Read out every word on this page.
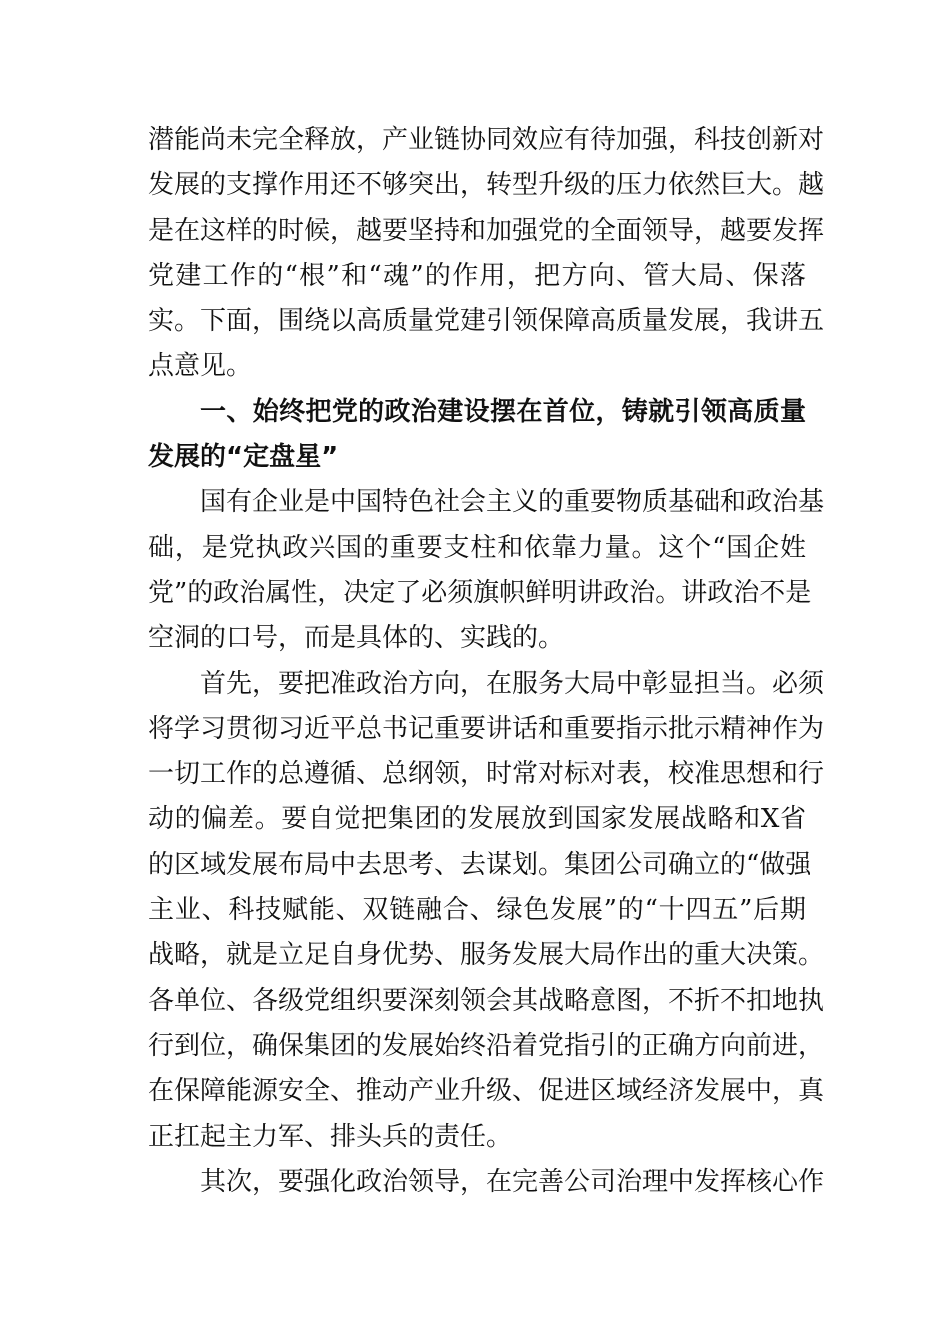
潜能尚未完全释放，产业链协同效应有待加强，科技创新对
发展的支撑作用还不够突出，转型升级的压力依然巨大。越
是在这样的时候，越要坚持和加强党的全面领导，越要发挥
党建工作的“根”和“魂”的作用，把方向、管大局、保落
实。下面，围绕以高质量党建引领保障高质量发展，我讲五
点意见。
一、始终把党的政治建设摆在首位，铸就引领高质量
发展的“定盘星”
国有企业是中国特色社会主义的重要物质基础和政治基
础，是党执政兴国的重要支柱和依靠力量。这个“国企姓
党”的政治属性，决定了必须旗帜鲜明讲政治。讲政治不是
空洞的口号，而是具体的、实践的。
首先，要把准政治方向，在服务大局中彰显担当。必须
将学习贯彻习近平总书记重要讲话和重要指示批示精神作为
一切工作的总遵循、总纲领，时常对标对表，校准思想和行
动的偏差。要自觉把集团的发展放到国家发展战略和X省
的区域发展布局中去思考、去谋划。集团公司确立的“做强
主业、科技赋能、双链融合、绿色发展”的“十四五”后期
战略，就是立足自身优势、服务发展大局作出的重大决策。
各单位、各级党组织要深刻领会其战略意图，不折不扣地执
行到位，确保集团的发展始终沿着党指引的正确方向前进，
在保障能源安全、推动产业升级、促进区域经济发展中，真
正扛起主力军、排头兵的责任。
其次，要强化政治领导，在完善公司治理中发挥核心作
